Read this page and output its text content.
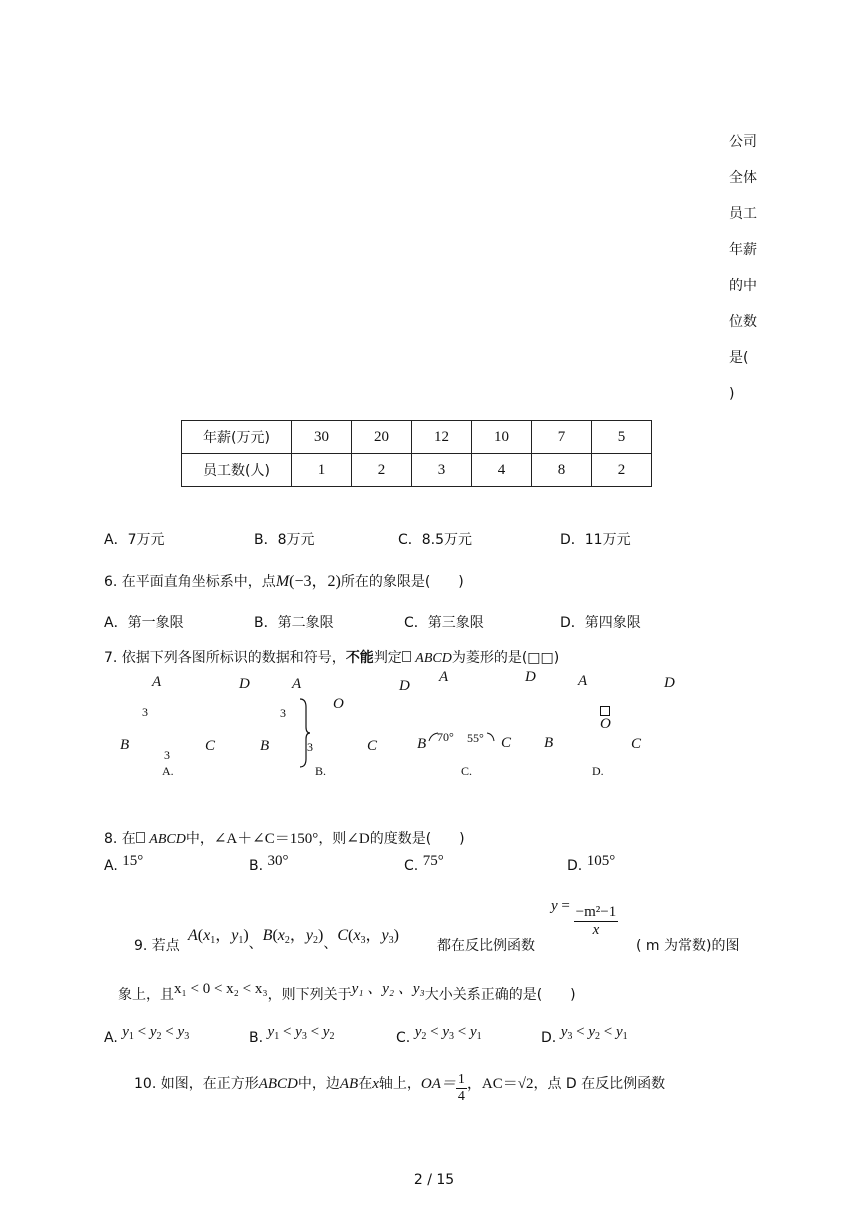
公司
全体
员工
年薪
的中
位数
是(
)
年薪(万元)	30	20	12	10	7	5
员工数(人)	1	2	3	4	8	2
A．7万元	B．8万元	C．8.5万元	D．11万元
6. 在平面直角坐标系中，点M(−3，2)所在的象限是(　　)
A．第一象限	B．第二象限	C．第三象限	D．第四象限
7. 依据下列各图所标识的数据和符号，不能判定 ABCD为菱形的是(□□)
A	D
3
B
3
C
A.
A	D
O
3
B	3	C
B.
A	D
B 70° 55° C
C.
A	D
O
B	C
D.
8. 在 ABCD中，∠A＋∠C＝150°，则∠D的度数是(　　)
A. 15°	B. 30°	C. 75°	D. 105°
9. 若点
$A(x_1$，$y_1$)、$B(x_2$，$y_2$)、$C(x_3$，$y_3$)
都在反比例函数
$y = \frac{\text{−m²−1}}{x}$
( m 为常数)的图
象上，且x₁ < 0 < x₂ < x₃，则下列关于y₁ 、y₂ 、y₃大小关系正确的是(　　)
A. $y_1 < y_2 < y_3$	B. $y_1 < y_3 < y_2$	C. $y_2 < y_3 < y_1$	D. $y_3 < y_2 < y_1$
10. 如图，在正方形ABCD中，边AB在x轴上，$OA= \frac{1}{4}$ ，AC＝√2，点 D 在反比例函数
2 / 15
